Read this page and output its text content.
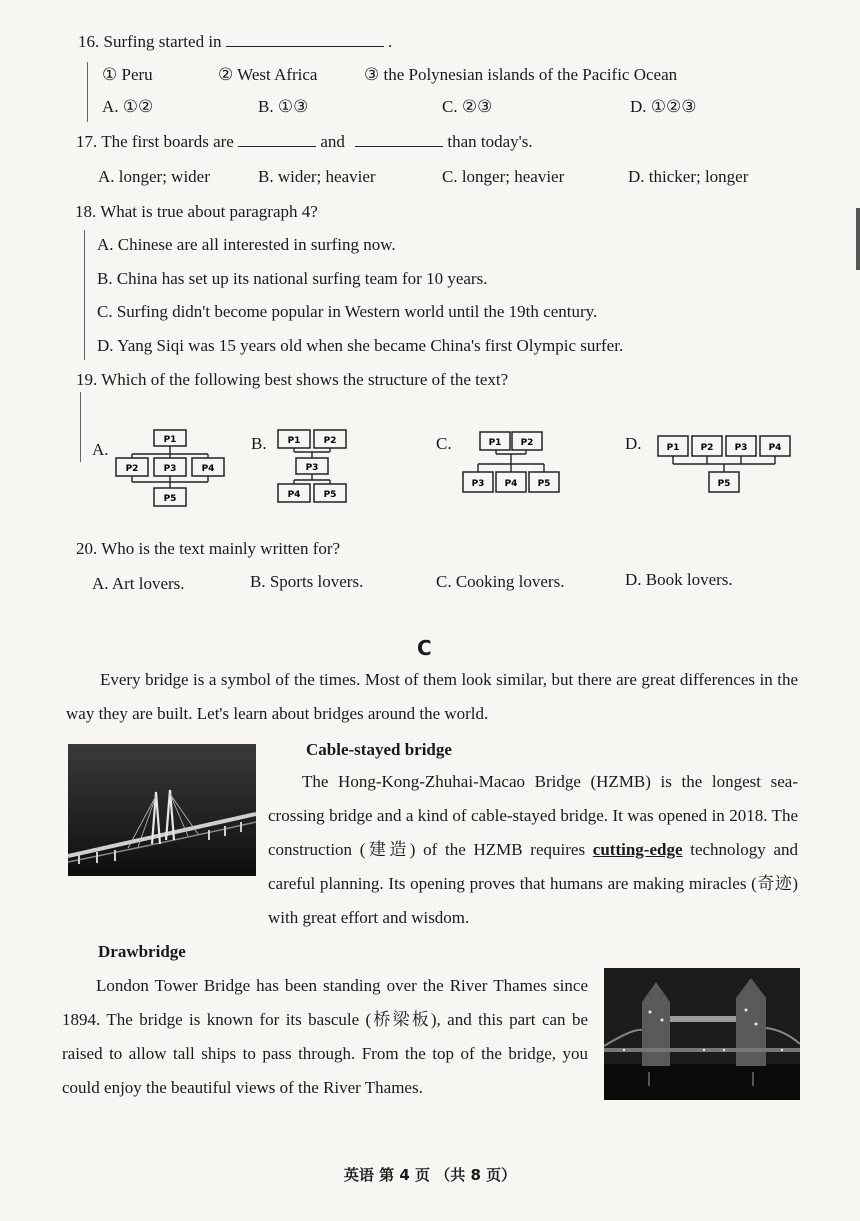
16. Surfing started in	.
① Peru	② West Africa	③ the Polynesian islands of the Pacific Ocean
A. ①②	B. ①③	C. ②③	D. ①②③
17. The first boards are	and	than today's.
A. longer; wider	B. wider; heavier	C. longer; heavier	D. thicker; longer
18. What is true about paragraph 4?
A. Chinese are all interested in surfing now.
B. China has set up its national surfing team for 10 years.
C. Surfing didn't become popular in Western world until the 19th century.
D. Yang Siqi was 15 years old when she became China's first Olympic surfer.
19. Which of the following best shows the structure of the text?
A.	B.	C.	D.
P1
P2	P3	P4
P5
P1	P2
P3
P4	P5
P1 P2
P3 P4 P5
P1 P2 P3 P4
P5
20. Who is the text mainly written for?
A. Art lovers.	B. Sports lovers.	C. Cooking lovers.	D. Book lovers.
C
Every bridge is a symbol of the times. Most of them look similar, but there are great differences in the way they are built. Let's learn about bridges around the world.
Cable-stayed bridge
The Hong-Kong-Zhuhai-Macao Bridge (HZMB) is the longest sea-crossing bridge and a kind of cable-stayed bridge. It was opened in 2018. The construction (建造) of the HZMB requires cutting-edge technology and careful planning. Its opening proves that humans are making miracles (奇迹) with great effort and wisdom.
Drawbridge
London Tower Bridge has been standing over the River Thames since 1894. The bridge is known for its bascule (桥梁板), and this part can be raised to allow tall ships to pass through. From the top of the bridge, you could enjoy the beautiful views of the River Thames.
英语 第 4 页 （共 8 页）
